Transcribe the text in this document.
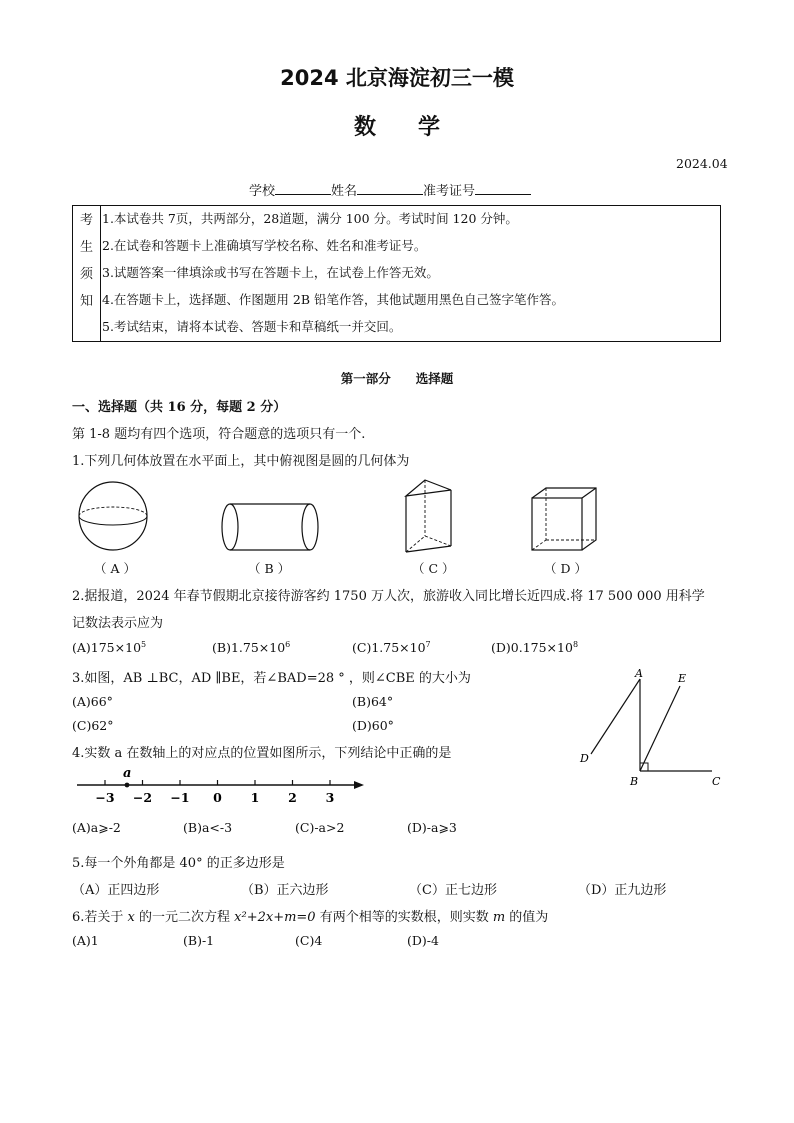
2024 北京海淀初三一模
数学
2024.04
学校	姓名	准考证号
考
生
须
知
1.本试卷共 7页，共两部分，28道题，满分 100 分。考试时间 120 分钟。
2.在试卷和答题卡上准确填写学校名称、姓名和准考证号。
3.试题答案一律填涂或书写在答题卡上，在试卷上作答无效。
4.在答题卡上，选择题、作图题用 2B 铅笔作答，其他试题用黑色自己签字笔作答。
5.考试结束，请将本试卷、答题卡和草稿纸一并交回。
第一部分　　选择题
一、选择题（共 16 分，每题 2 分）
第 1-8 题均有四个选项，符合题意的选项只有一个.
1.下列几何体放置在水平面上，其中俯视图是圆的几何体为
（ A ）	（ B ）	（ C ）	（ D ）
2.据报道，2024 年春节假期北京接待游客约 1750 万人次，旅游收入同比增长近四成.将 17 500 000 用科学
记数法表示应为
$(A)175\times 10^5$	$(B)1.75\times 10^6$	$(C)1.75\times 10^7$	$(D)0.175\times 10^8$
3.如图，AB ⊥BC，AD ∥BE，若∠BAD=28 ° ，则∠CBE 的大小为
(A)66°	(B)64°
(C)62°	(D)60°
A	E
D
B	C
4.实数 a 在数轴上的对应点的位置如图所示，下列结论中正确的是
−3 −2 −1 0 1 2 3
a
(A)a⩾-2	(B)a<-3	(C)-a>2	(D)-a⩾3
5.每一个外角都是 40° 的正多边形是
（A）正四边形	（B）正六边形	（C）正七边形	（D）正九边形
6.若关于 x 的一元二次方程 x²+2x+m=0 有两个相等的实数根，则实数 m 的值为
(A)1	(B)-1	(C)4	(D)-4
